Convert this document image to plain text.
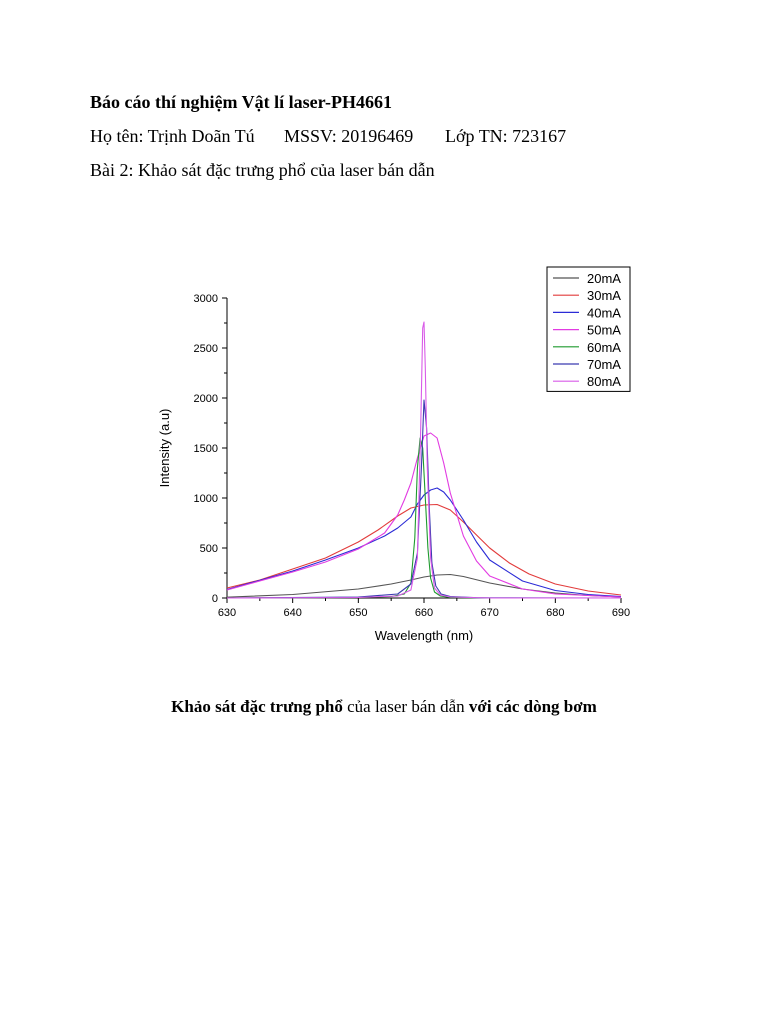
Báo cáo thí nghiệm Vật lí laser-PH4661
Họ tên: Trịnh Doãn Tú MSSV: 20196469 Lớp TN: 723167
Bài 2: Khảo sát đặc trưng phổ của laser bán dẫn
630	640	650	660	670	680	690
0
500
1000
1500
2000
2500
3000
20mA
30mA
40mA
50mA
60mA
70mA
80mA
Wavelength (nm)
Intensity (a.u)
Khảo sát đặc trưng phổ của laser bán dẫn với các dòng bơm
